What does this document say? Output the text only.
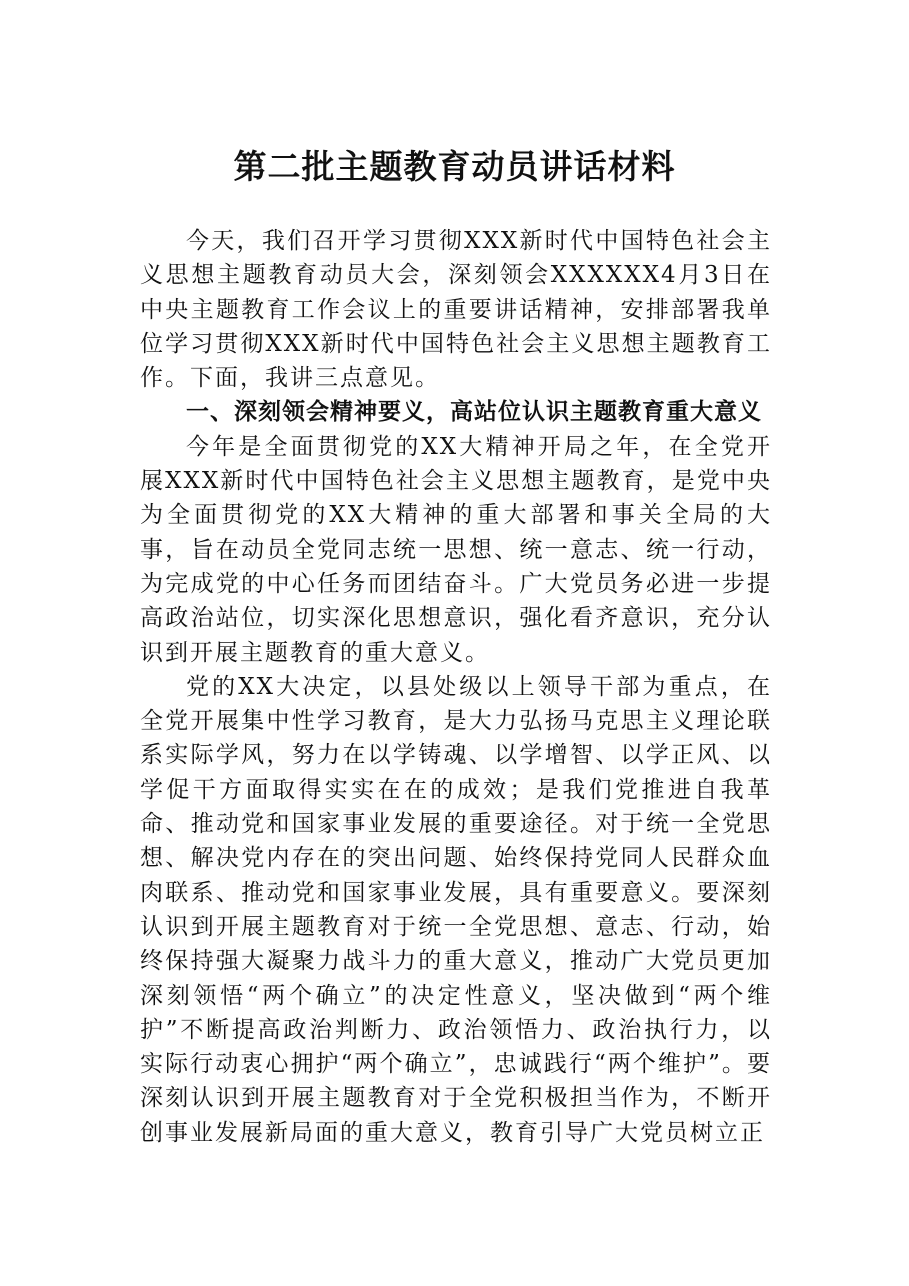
第二批主题教育动员讲话材料

今天，我们召开学习贯彻XXX新时代中国特色社会主义思想主题教育动员大会，深刻领会XXXXXX4月3日在中央主题教育工作会议上的重要讲话精神，安排部署我单位学习贯彻XXX新时代中国特色社会主义思想主题教育工作。下面，我讲三点意见。

一、深刻领会精神要义，高站位认识主题教育重大意义

今年是全面贯彻党的XX大精神开局之年，在全党开展XXX新时代中国特色社会主义思想主题教育，是党中央为全面贯彻党的XX大精神的重大部署和事关全局的大事，旨在动员全党同志统一思想、统一意志、统一行动，为完成党的中心任务而团结奋斗。广大党员务必进一步提高政治站位，切实深化思想意识，强化看齐意识，充分认识到开展主题教育的重大意义。

党的XX大决定，以县处级以上领导干部为重点，在全党开展集中性学习教育，是大力弘扬马克思主义理论联系实际学风，努力在以学铸魂、以学增智、以学正风、以学促干方面取得实实在在的成效；是我们党推进自我革命、推动党和国家事业发展的重要途径。对于统一全党思想、解决党内存在的突出问题、始终保持党同人民群众血肉联系、推动党和国家事业发展，具有重要意义。要深刻认识到开展主题教育对于统一全党思想、意志、行动，始终保持强大凝聚力战斗力的重大意义，推动广大党员更加深刻领悟“两个确立”的决定性意义，坚决做到“两个维护”不断提高政治判断力、政治领悟力、政治执行力，以实际行动衷心拥护“两个确立”，忠诚践行“两个维护”。要深刻认识到开展主题教育对于全党积极担当作为，不断开创事业发展新局面的重大意义，教育引导广大党员树立正
